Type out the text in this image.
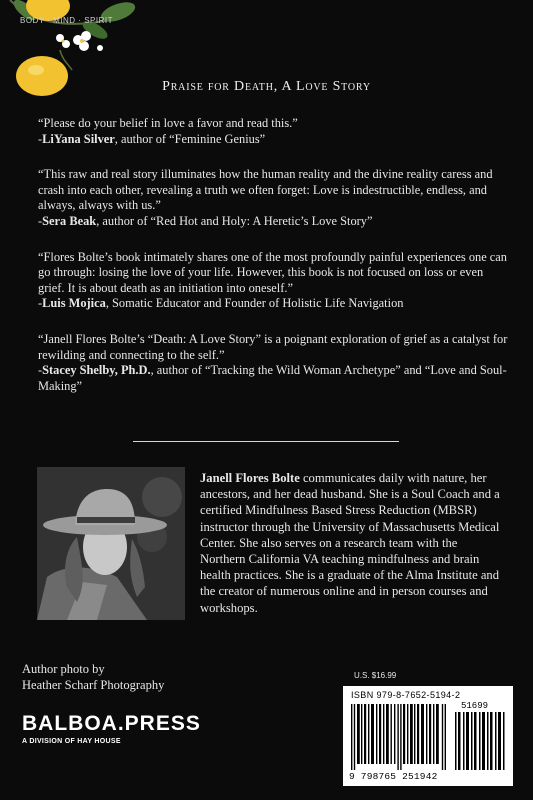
BODY · MIND · SPIRIT
Praise for Death, A Love Story
“Please do your belief in love a favor and read this.”
-LiYana Silver, author of “Feminine Genius”
“This raw and real story illuminates how the human reality and the divine reality caress and crash into each other, revealing a truth we often forget: Love is indestructible, endless, and always, always with us.”
-Sera Beak, author of “Red Hot and Holy: A Heretic’s Love Story”
“Flores Bolte’s book intimately shares one of the most profoundly painful experiences one can go through: losing the love of your life. However, this book is not focused on loss or even grief. It is about death as an initiation into oneself.”
-Luis Mojica, Somatic Educator and Founder of Holistic Life Navigation
“Janell Flores Bolte’s “Death: A Love Story” is a poignant exploration of grief as a catalyst for rewilding and connecting to the self.”
-Stacey Shelby, Ph.D., author of “Tracking the Wild Woman Archetype” and “Love and Soul-Making”
Janell Flores Bolte communicates daily with nature, her ancestors, and her dead husband. She is a Soul Coach and a certified Mindfulness Based Stress Reduction (MBSR) instructor through the University of Massachusetts Medical Center. She also serves on a research team with the Northern California VA teaching mindfulness and brain health practices. She is a graduate of the Alma Institute and the creator of numerous online and in person courses and workshops.
Author photo by
Heather Scharf Photography
BALBOA.PRESS
A DIVISION OF HAY HOUSE
U.S. $16.99
ISBN 979-8-7652-5194-2
51699
9 798765 251942
